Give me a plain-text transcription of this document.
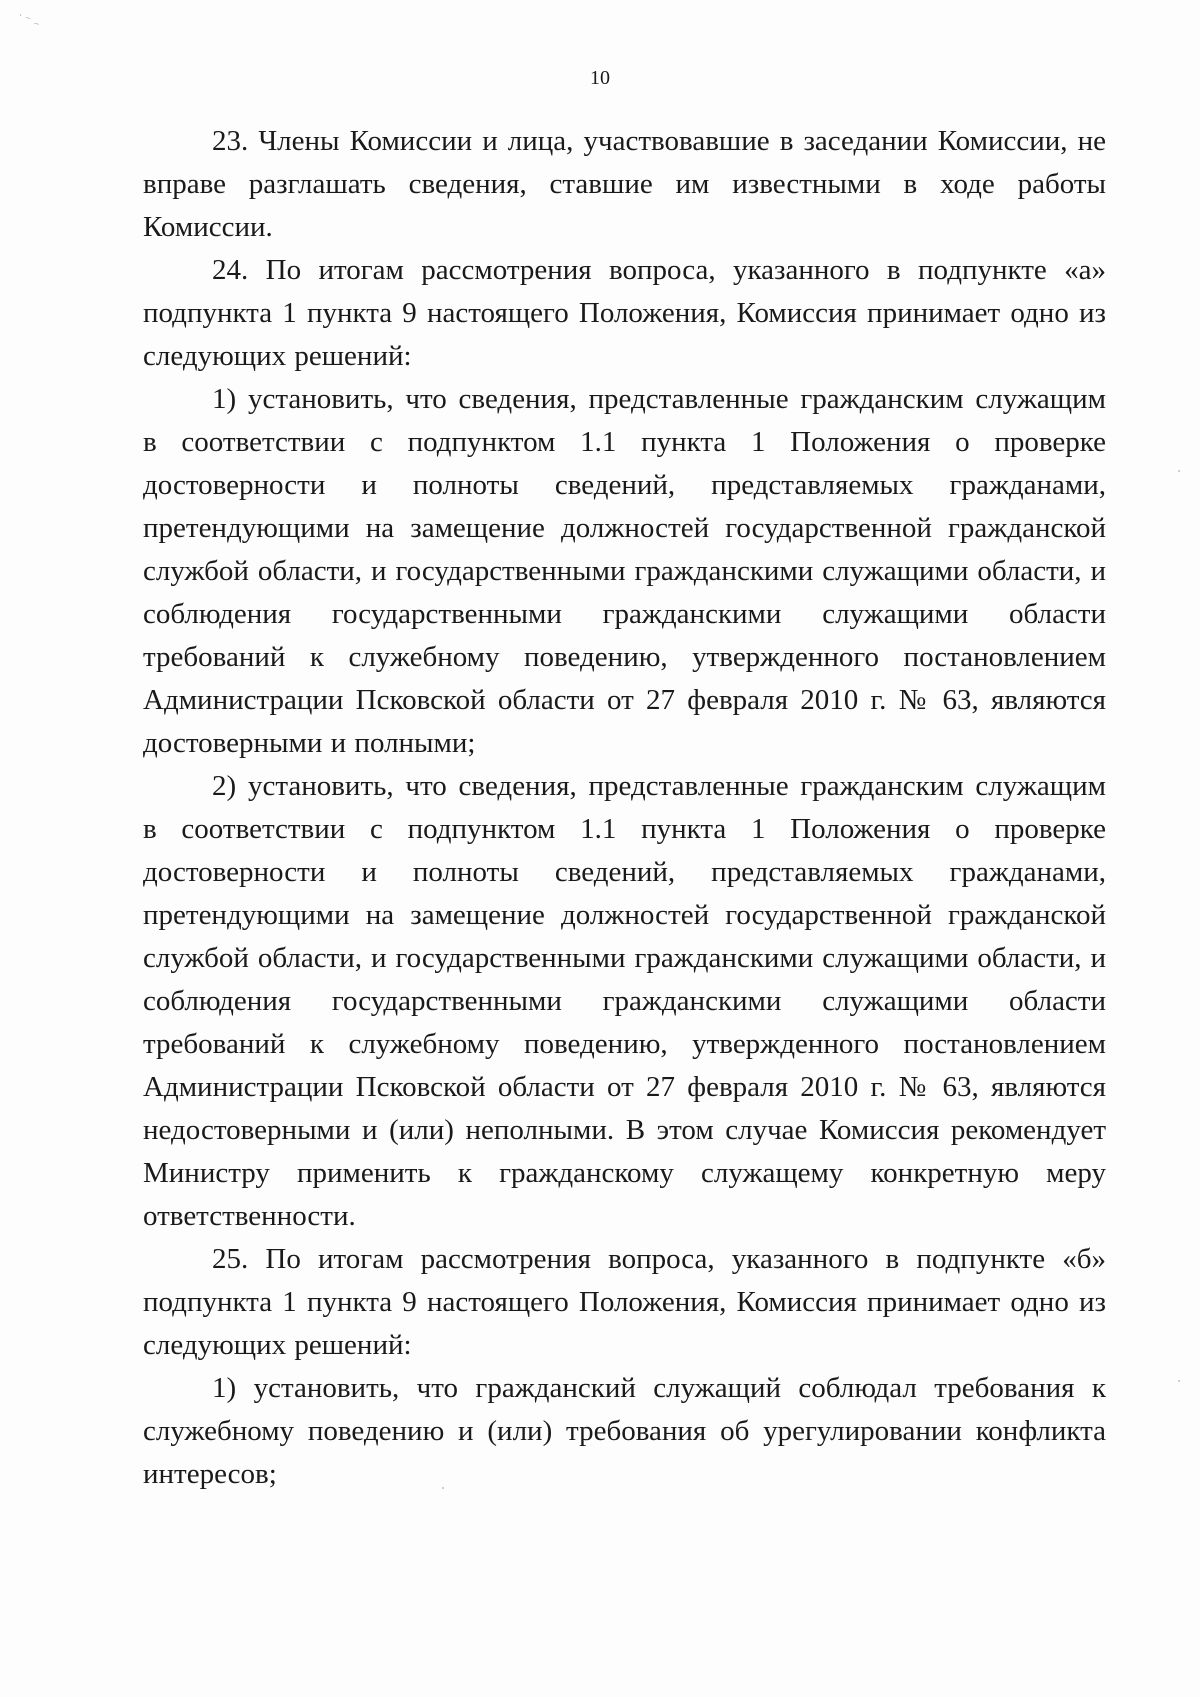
˙ ⁻ ₋
10

23. Члены Комиссии и лица, участвовавшие в заседании Комиссии, не вправе разглашать сведения, ставшие им известными в ходе работы Комиссии.

24. По итогам рассмотрения вопроса, указанного в подпункте «а» подпункта 1 пункта 9 настоящего Положения, Комиссия принимает одно из следующих решений:

1) установить, что сведения, представленные гражданским служащим в соответствии с подпунктом 1.1 пункта 1 Положения о проверке достоверности и полноты сведений, представляемых гражданами, претендующими на замещение должностей государственной гражданской службой области, и государственными гражданскими служащими области, и соблюдения государственными гражданскими служащими области требований к служебному поведению, утвержденного постановлением Администрации Псковской области от 27 февраля 2010 г. № 63, являются достоверными и полными;

2) установить, что сведения, представленные гражданским служащим в соответствии с подпунктом 1.1 пункта 1 Положения о проверке достоверности и полноты сведений, представляемых гражданами, претендующими на замещение должностей государственной гражданской службой области, и государственными гражданскими служащими области, и соблюдения государственными гражданскими служащими области требований к служебному поведению, утвержденного постановлением Администрации Псковской области от 27 февраля 2010 г. № 63, являются недостоверными и (или) неполными. В этом случае Комиссия рекомендует Министру применить к гражданскому служащему конкретную меру ответственности.

25. По итогам рассмотрения вопроса, указанного в подпункте «б» подпункта 1 пункта 9 настоящего Положения, Комиссия принимает одно из следующих решений:

1) установить, что гражданский служащий соблюдал требования к служебному поведению и (или) требования об урегулировании конфликта интересов;
